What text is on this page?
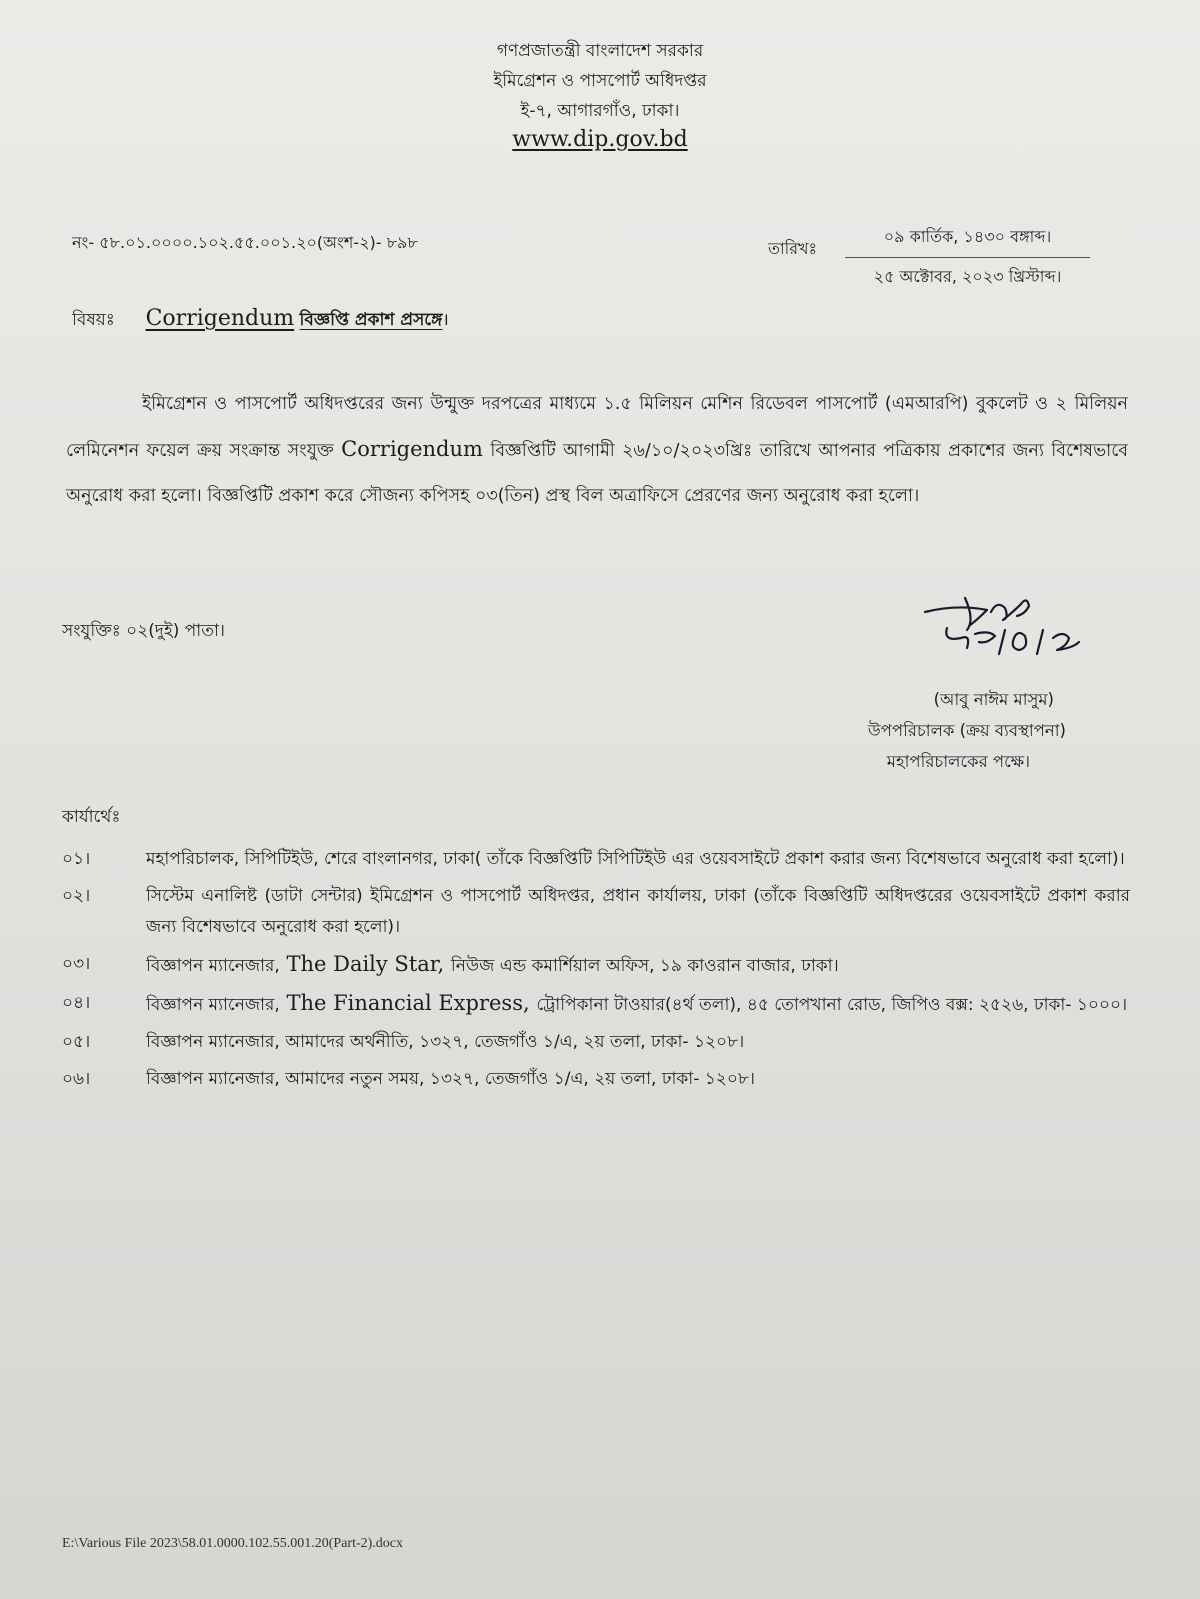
গণপ্রজাতন্ত্রী বাংলাদেশ সরকার
ইমিগ্রেশন ও পাসপোর্ট অধিদপ্তর
ই-৭, আগারগাঁও, ঢাকা।
www.dip.gov.bd
নং- ৫৮.০১.০০০০.১০২.৫৫.০০১.২০(অংশ-২)- ৮৯৮	তারিখঃ
০৯ কার্তিক, ১৪৩০ বঙ্গাব্দ।
২৫ অক্টোবর, ২০২৩ খ্রিস্টাব্দ।
বিষয়ঃ Corrigendum বিজ্ঞপ্তি প্রকাশ প্রসঙ্গে।
ইমিগ্রেশন ও পাসপোর্ট অধিদপ্তরের জন্য উন্মুক্ত দরপত্রের মাধ্যমে ১.৫ মিলিয়ন মেশিন রিডেবল পাসপোর্ট (এমআরপি) বুকলেট ও ২ মিলিয়ন লেমিনেশন ফয়েল ক্রয় সংক্রান্ত সংযুক্ত Corrigendum বিজ্ঞপ্তিটি আগামী ২৬/১০/২০২৩খ্রিঃ তারিখে আপনার পত্রিকায় প্রকাশের জন্য বিশেষভাবে অনুরোধ করা হলো। বিজ্ঞপ্তিটি প্রকাশ করে সৌজন্য কপিসহ ০৩(তিন) প্রস্থ বিল অত্রাফিসে প্রেরণের জন্য অনুরোধ করা হলো।
সংযুক্তিঃ ০২(দুই) পাতা।
(আবু নাঈম মাসুম)
উপপরিচালক (ক্রয় ব্যবস্থাপনা)
মহাপরিচালকের পক্ষে।
কার্যার্থেঃ
০১।	মহাপরিচালক, সিপিটিইউ, শেরে বাংলানগর, ঢাকা( তাঁকে বিজ্ঞপ্তিটি সিপিটিইউ এর ওয়েবসাইটে প্রকাশ করার জন্য বিশেষভাবে অনুরোধ করা হলো)।
০২।	সিস্টেম এনালিষ্ট (ডাটা সেন্টার) ইমিগ্রেশন ও পাসপোর্ট অধিদপ্তর, প্রধান কার্যালয়, ঢাকা (তাঁকে বিজ্ঞপ্তিটি অধিদপ্তরের ওয়েবসাইটে প্রকাশ করার জন্য বিশেষভাবে অনুরোধ করা হলো)।
০৩।	বিজ্ঞাপন ম্যানেজার, The Daily Star, নিউজ এন্ড কমার্শিয়াল অফিস, ১৯ কাওরান বাজার, ঢাকা।
০৪।	বিজ্ঞাপন ম্যানেজার, The Financial Express, ট্রোপিকানা টাওয়ার(৪র্থ তলা), ৪৫ তোপখানা রোড, জিপিও বক্স: ২৫২৬, ঢাকা- ১০০০।
০৫।	বিজ্ঞাপন ম্যানেজার, আমাদের অর্থনীতি, ১৩২৭, তেজগাঁও ১/এ, ২য় তলা, ঢাকা- ১২০৮।
০৬।	বিজ্ঞাপন ম্যানেজার, আমাদের নতুন সময়, ১৩২৭, তেজগাঁও ১/এ, ২য় তলা, ঢাকা- ১২০৮।
E:\Various File 2023\58.01.0000.102.55.001.20(Part-2).docx
